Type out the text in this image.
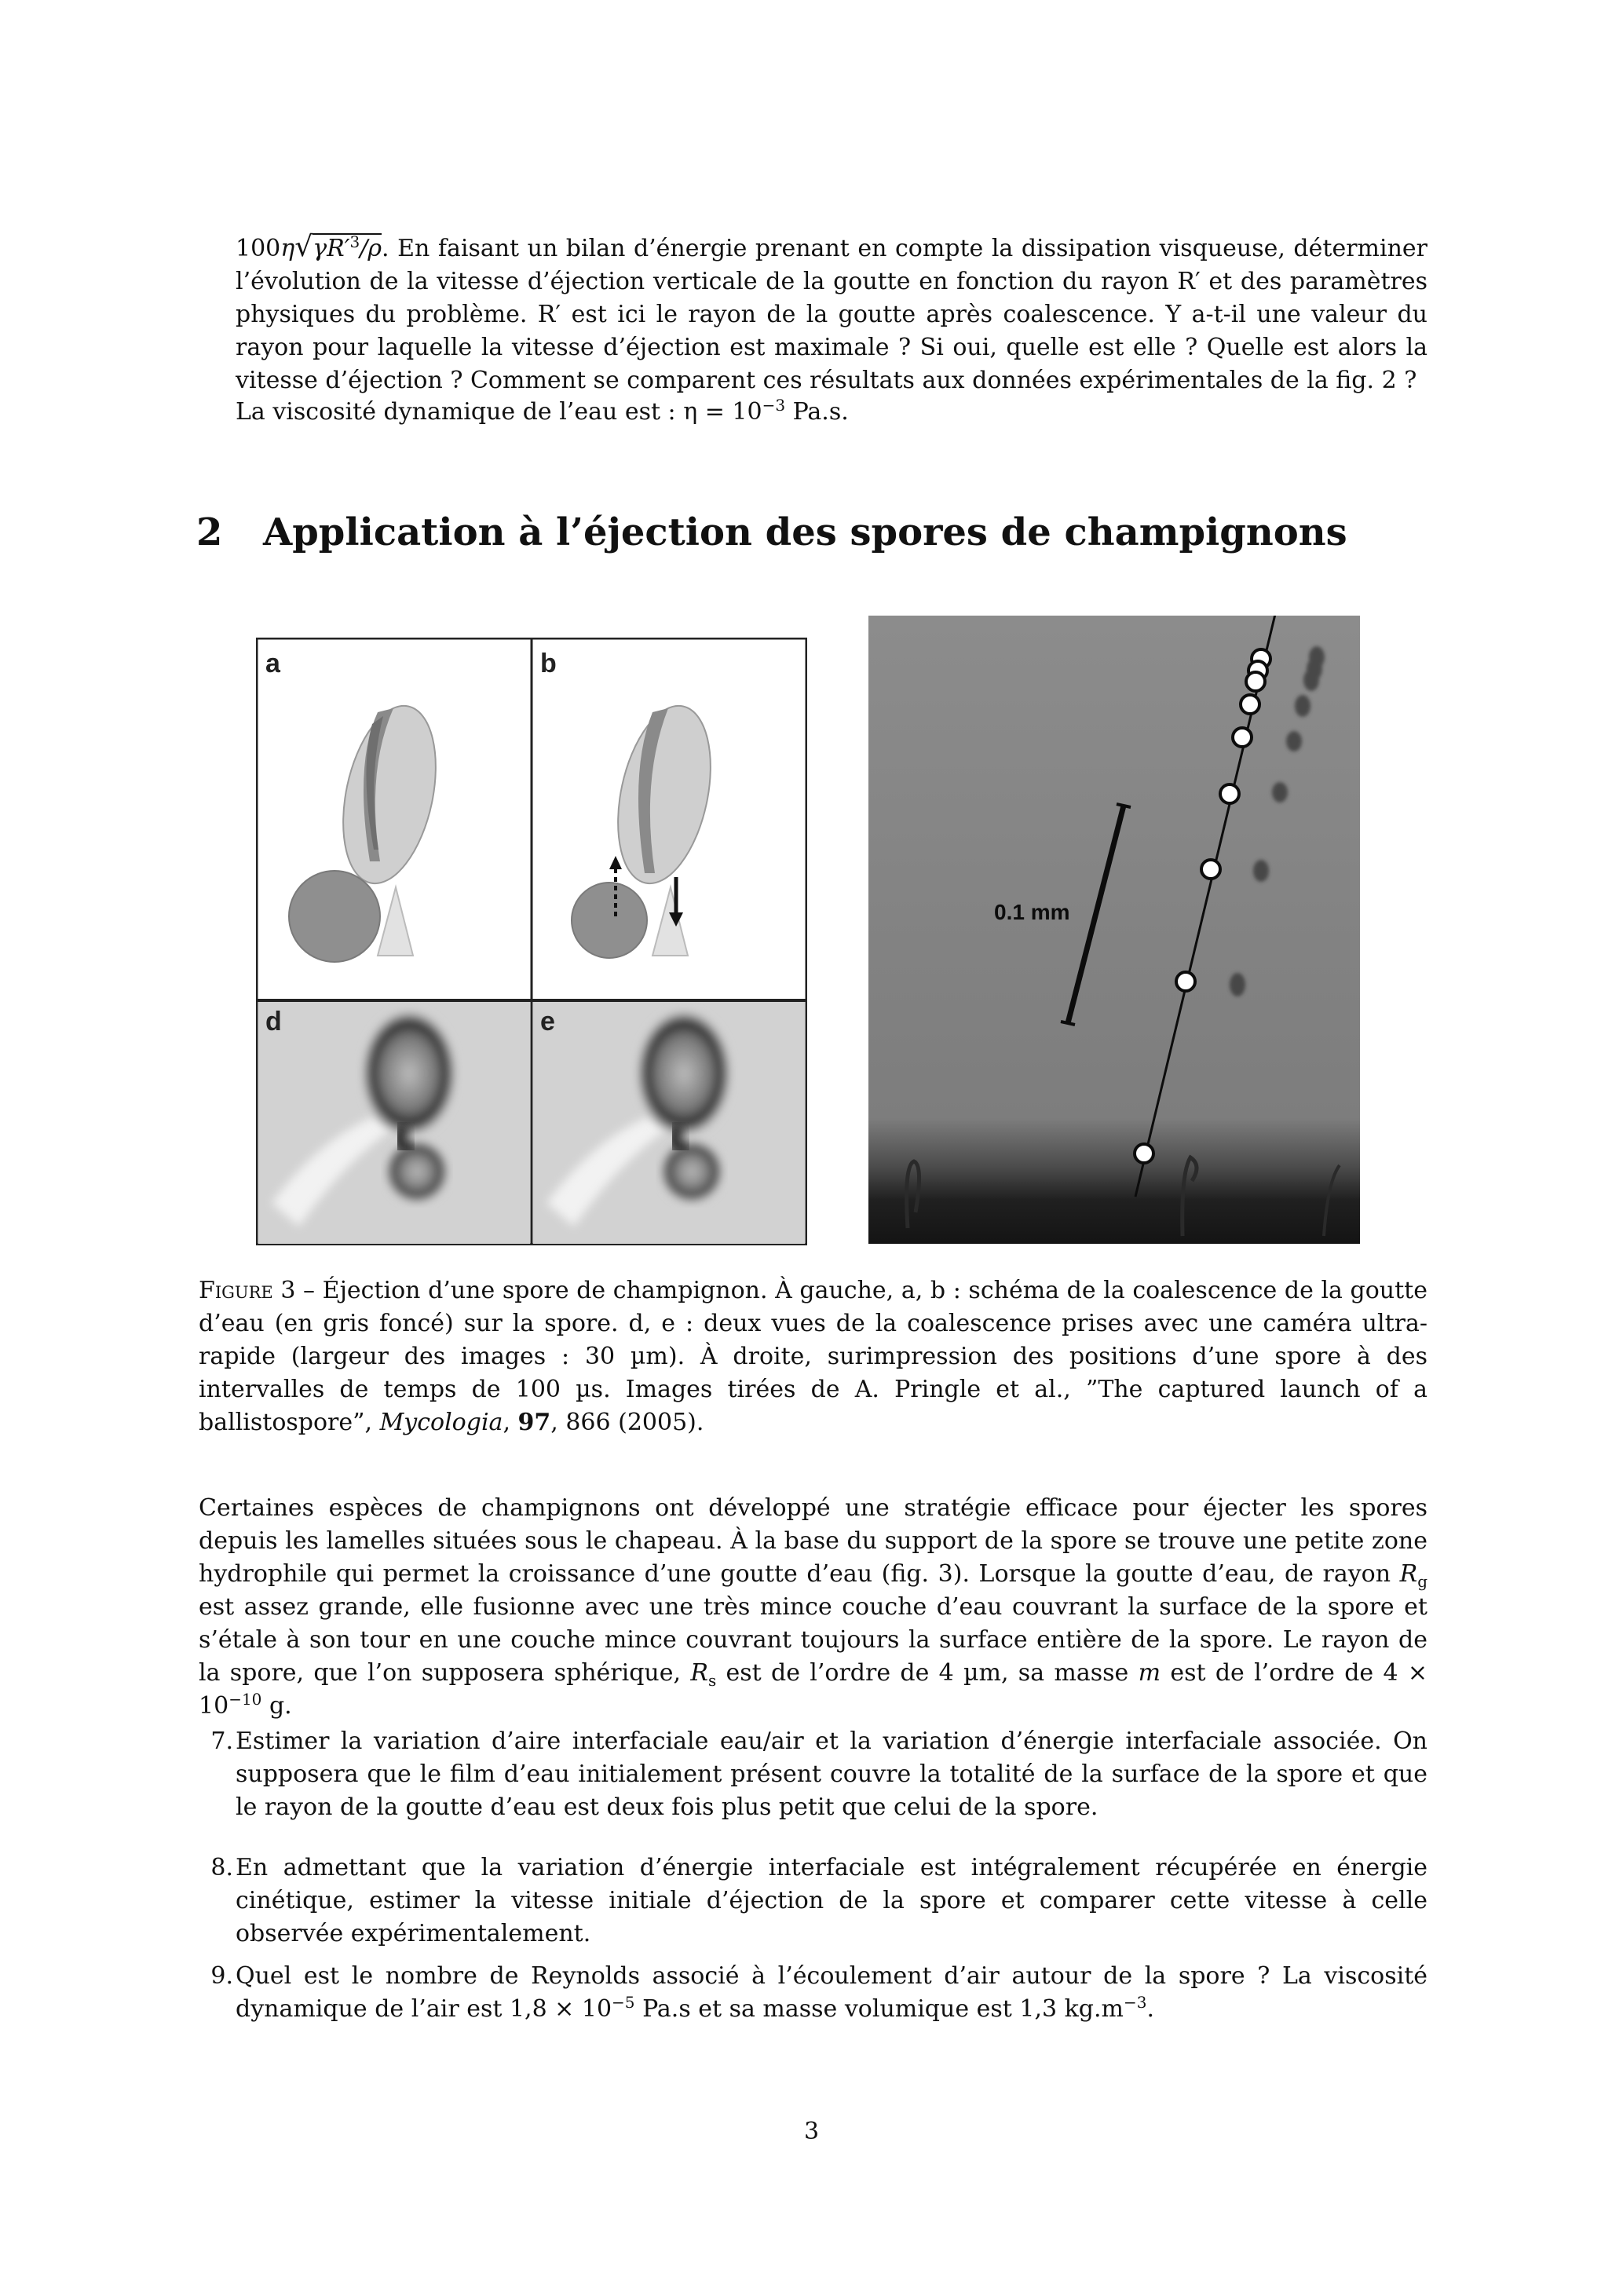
$100\eta√\gamma R'^3/\rho$. En faisant un bilan d’énergie prenant en compte la dissipation visqueuse, déterminer l’évolution de la vitesse d’éjection verticale de la goutte en fonction du rayon R′ et des paramètres physiques du problème. R′ est ici le rayon de la goutte après coalescence. Y a-t-il une valeur du rayon pour laquelle la vitesse d’éjection est maximale ? Si oui, quelle est elle ? Quelle est alors la vitesse d’éjection ? Comment se comparent ces résultats aux données expérimentales de la fig. 2 ?
La viscosité dynamique de l’eau est : $\eta = 10^{-3}$ Pa.s.
2 Application à l’éjection des spores de champignons
a	b
d	e
0.1 mm
Figure 3 – Éjection d’une spore de champignon. À gauche, a, b : schéma de la coalescence de la goutte d’eau (en gris foncé) sur la spore. d, e : deux vues de la coalescence prises avec une caméra ultra-rapide (largeur des images : 30 µm). À droite, surimpression des positions d’une spore à des intervalles de temps de 100 µs. Images tirées de A. Pringle et al., ”The captured launch of a ballistospore”, Mycologia, 97, 866 (2005).
Certaines espèces de champignons ont développé une stratégie efficace pour éjecter les spores depuis les lamelles situées sous le chapeau. À la base du support de la spore se trouve une petite zone hydrophile qui permet la croissance d’une goutte d’eau (fig. 3). Lorsque la goutte d’eau, de rayon $R_g$ est assez grande, elle fusionne avec une très mince couche d’eau couvrant la surface de la spore et s’étale à son tour en une couche mince couvrant toujours la surface entière de la spore. Le rayon de la spore, que l’on supposera sphérique, $R_s$ est de l’ordre de 4 µm, sa masse m est de l’ordre de $4 \times 10^{-10}$ g.
7. Estimer la variation d’aire interfaciale eau/air et la variation d’énergie interfaciale associée. On supposera que le film d’eau initialement présent couvre la totalité de la surface de la spore et que le rayon de la goutte d’eau est deux fois plus petit que celui de la spore.
8. En admettant que la variation d’énergie interfaciale est intégralement récupérée en énergie cinétique, estimer la vitesse initiale d’éjection de la spore et comparer cette vitesse à celle observée expérimentalement.
9. Quel est le nombre de Reynolds associé à l’écoulement d’air autour de la spore ? La viscosité dynamique de l’air est $1,8 \times 10^{-5}$ Pa.s et sa masse volumique est 1,3 $kg.m^{-3}$.
3
